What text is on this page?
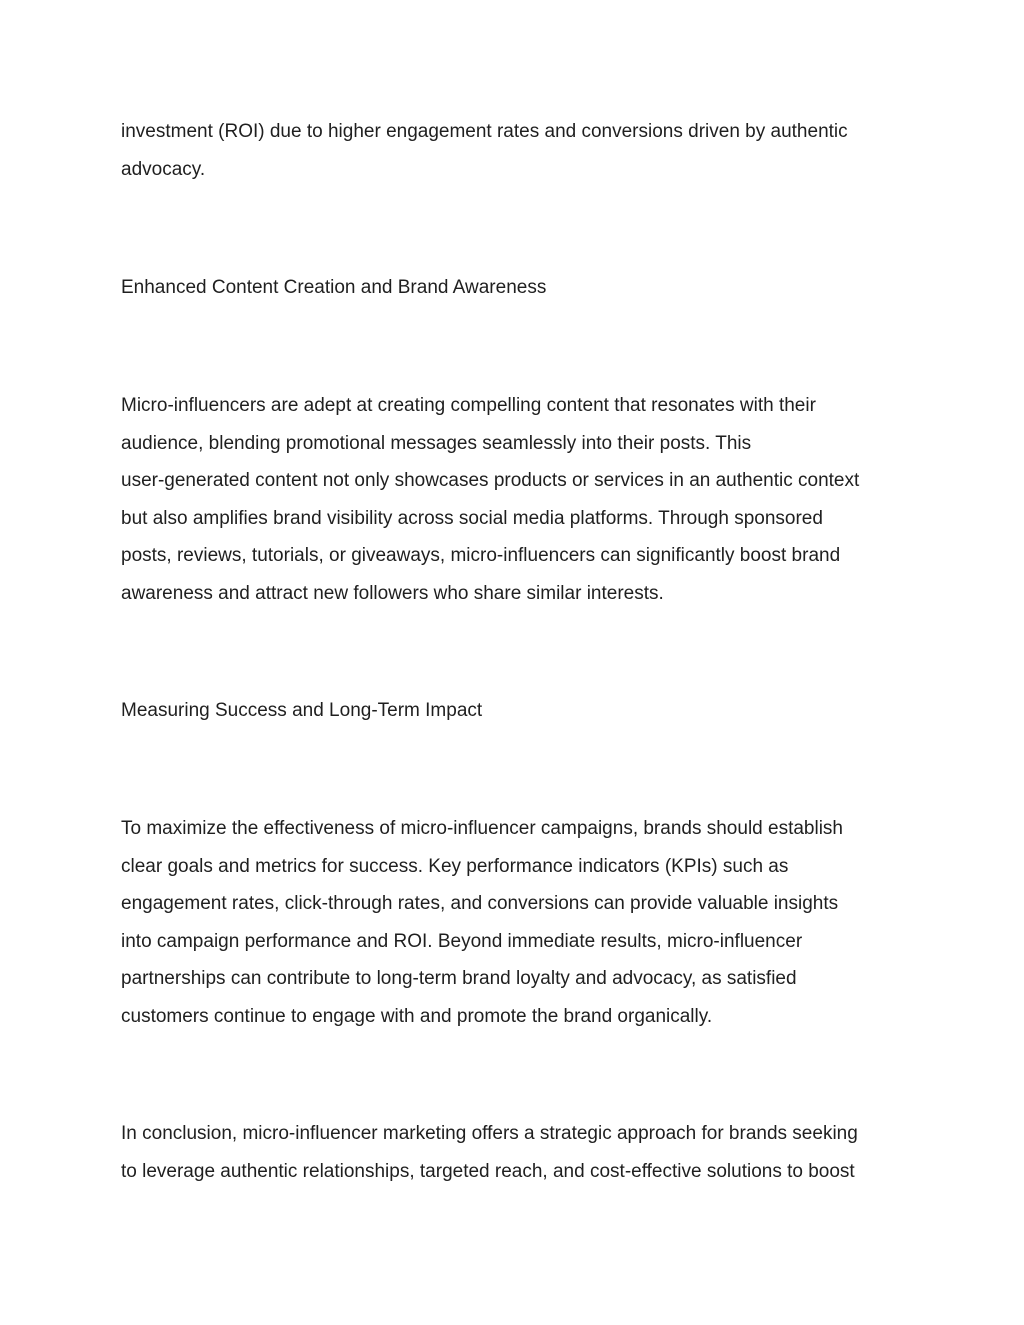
investment (ROI) due to higher engagement rates and conversions driven by authentic
advocacy.

Enhanced Content Creation and Brand Awareness

Micro-influencers are adept at creating compelling content that resonates with their
audience, blending promotional messages seamlessly into their posts. This
user-generated content not only showcases products or services in an authentic context
but also amplifies brand visibility across social media platforms. Through sponsored
posts, reviews, tutorials, or giveaways, micro-influencers can significantly boost brand
awareness and attract new followers who share similar interests.

Measuring Success and Long-Term Impact

To maximize the effectiveness of micro-influencer campaigns, brands should establish
clear goals and metrics for success. Key performance indicators (KPIs) such as
engagement rates, click-through rates, and conversions can provide valuable insights
into campaign performance and ROI. Beyond immediate results, micro-influencer
partnerships can contribute to long-term brand loyalty and advocacy, as satisfied
customers continue to engage with and promote the brand organically.

In conclusion, micro-influencer marketing offers a strategic approach for brands seeking
to leverage authentic relationships, targeted reach, and cost-effective solutions to boost
